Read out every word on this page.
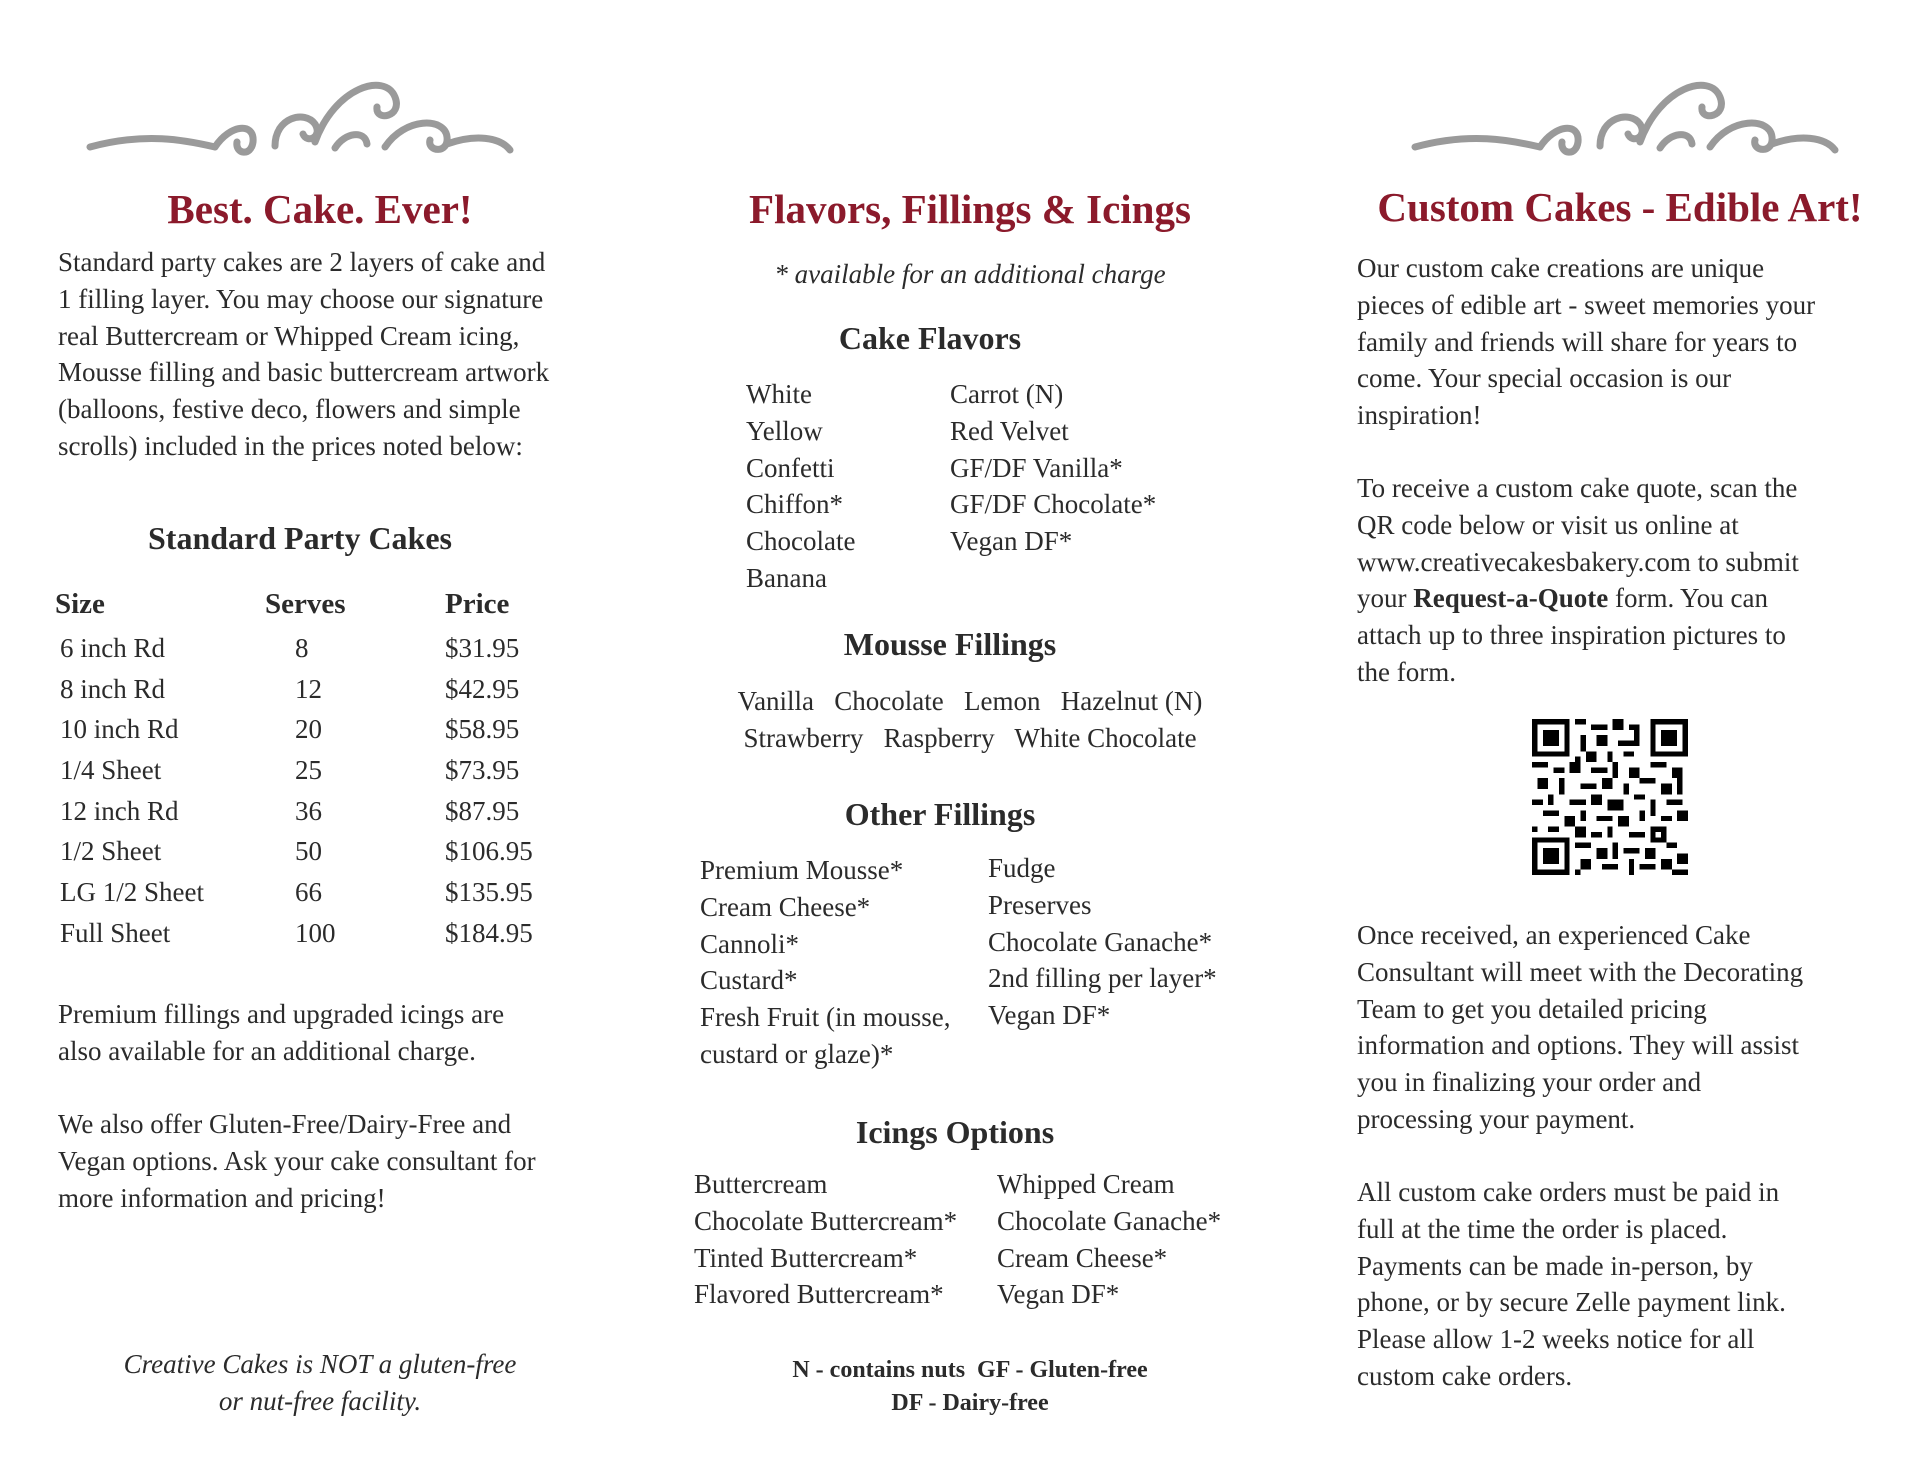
Best. Cake. Ever!
Standard party cakes are 2 layers of cake and
1 filling layer. You may choose our signature
real Buttercream or Whipped Cream icing,
Mousse filling and basic buttercream artwork
(balloons, festive deco, flowers and simple
scrolls) included in the prices noted below:
Standard Party Cakes
Size	Serves	Price
6 inch Rd	8	$31.95
8 inch Rd	12	$42.95
10 inch Rd	20	$58.95
1/4 Sheet	25	$73.95
12 inch Rd	36	$87.95
1/2 Sheet	50	$106.95
LG 1/2 Sheet	66	$135.95
Full Sheet	100	$184.95
Premium fillings and upgraded icings are
also available for an additional charge.
We also offer Gluten-Free/Dairy-Free and
Vegan options. Ask your cake consultant for
more information and pricing!
Creative Cakes is NOT a gluten-free
or nut-free facility.
Flavors, Fillings & Icings
* available for an additional charge
Cake Flavors
White
Yellow
Confetti
Chiffon*
Chocolate
Banana
Carrot (N)
Red Velvet
GF/DF Vanilla*
GF/DF Chocolate*
Vegan DF*
Mousse Fillings
Vanilla   Chocolate   Lemon   Hazelnut (N)
Strawberry   Raspberry   White Chocolate
Other Fillings
Premium Mousse*
Cream Cheese*
Cannoli*
Custard*
Fresh Fruit (in mousse,
custard or glaze)*
Fudge
Preserves
Chocolate Ganache*
2nd filling per layer*
Vegan DF*
Icings Options
Buttercream
Chocolate Buttercream*
Tinted Buttercream*
Flavored Buttercream*
Whipped Cream
Chocolate Ganache*
Cream Cheese*
Vegan DF*
N - contains nuts  GF - Gluten-free
DF - Dairy-free
Custom Cakes - Edible Art!
Our custom cake creations are unique
pieces of edible art - sweet memories your
family and friends will share for years to
come. Your special occasion is our
inspiration!
To receive a custom cake quote, scan the
QR code below or visit us online at
www.creativecakesbakery.com to submit
your Request-a-Quote form. You can
attach up to three inspiration pictures to
the form.
Once received, an experienced Cake
Consultant will meet with the Decorating
Team to get you detailed pricing
information and options. They will assist
you in finalizing your order and
processing your payment.
All custom cake orders must be paid in
full at the time the order is placed.
Payments can be made in-person, by
phone, or by secure Zelle payment link.
Please allow 1-2 weeks notice for all
custom cake orders.
